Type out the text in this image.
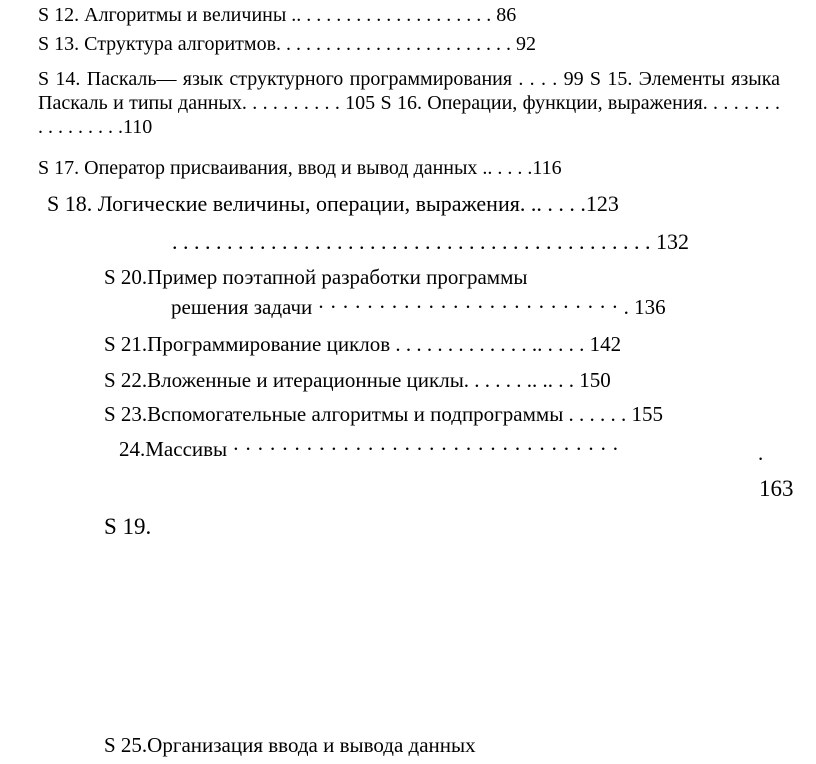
S 12. Алгоритмы и величины .. . . . . . . . . . . . . . . . . . . . 86
S 13. Структура алгоритмов. . . . . . . . . . . . . . . . . . . . . . . . 92
S 14. Паскаль— язык структурного программирования . . . . 99 S 15. Элементы языка Паскаль и типы данных. . . . . . . . . . 105 S 16. Операции, функции, выражения. . . . . . . . . . . . . . . . .110
S 17. Оператор присваивания, ввод и вывод данных .. . . . .116
S 18. Логические величины, операции, выражения. .. . . . .123
. . . . . . . . . . . . . . . . . . . . . . . . . . . . . . . . . . . . . . . . . . . . 132
S 20.Пример поэтапной разработки программы
решения задачи · · · · · · · · · · · · · · · · · · · · · · · · · . 136
S 21.Программирование циклов . . . . . . . . . . . . . .. . . . . 142
S 22.Вложенные и итерационные циклы. . . . . . .. .. . . 150
S 23.Вспомогательные алгоритмы и подпрограммы . . . . . . 155
24.Массивы · · · · · · · · · · · · · · · · · · · · · · · · · · · · · · · ·	.
163
S 19.
S 25.Организация ввода и вывода данных
